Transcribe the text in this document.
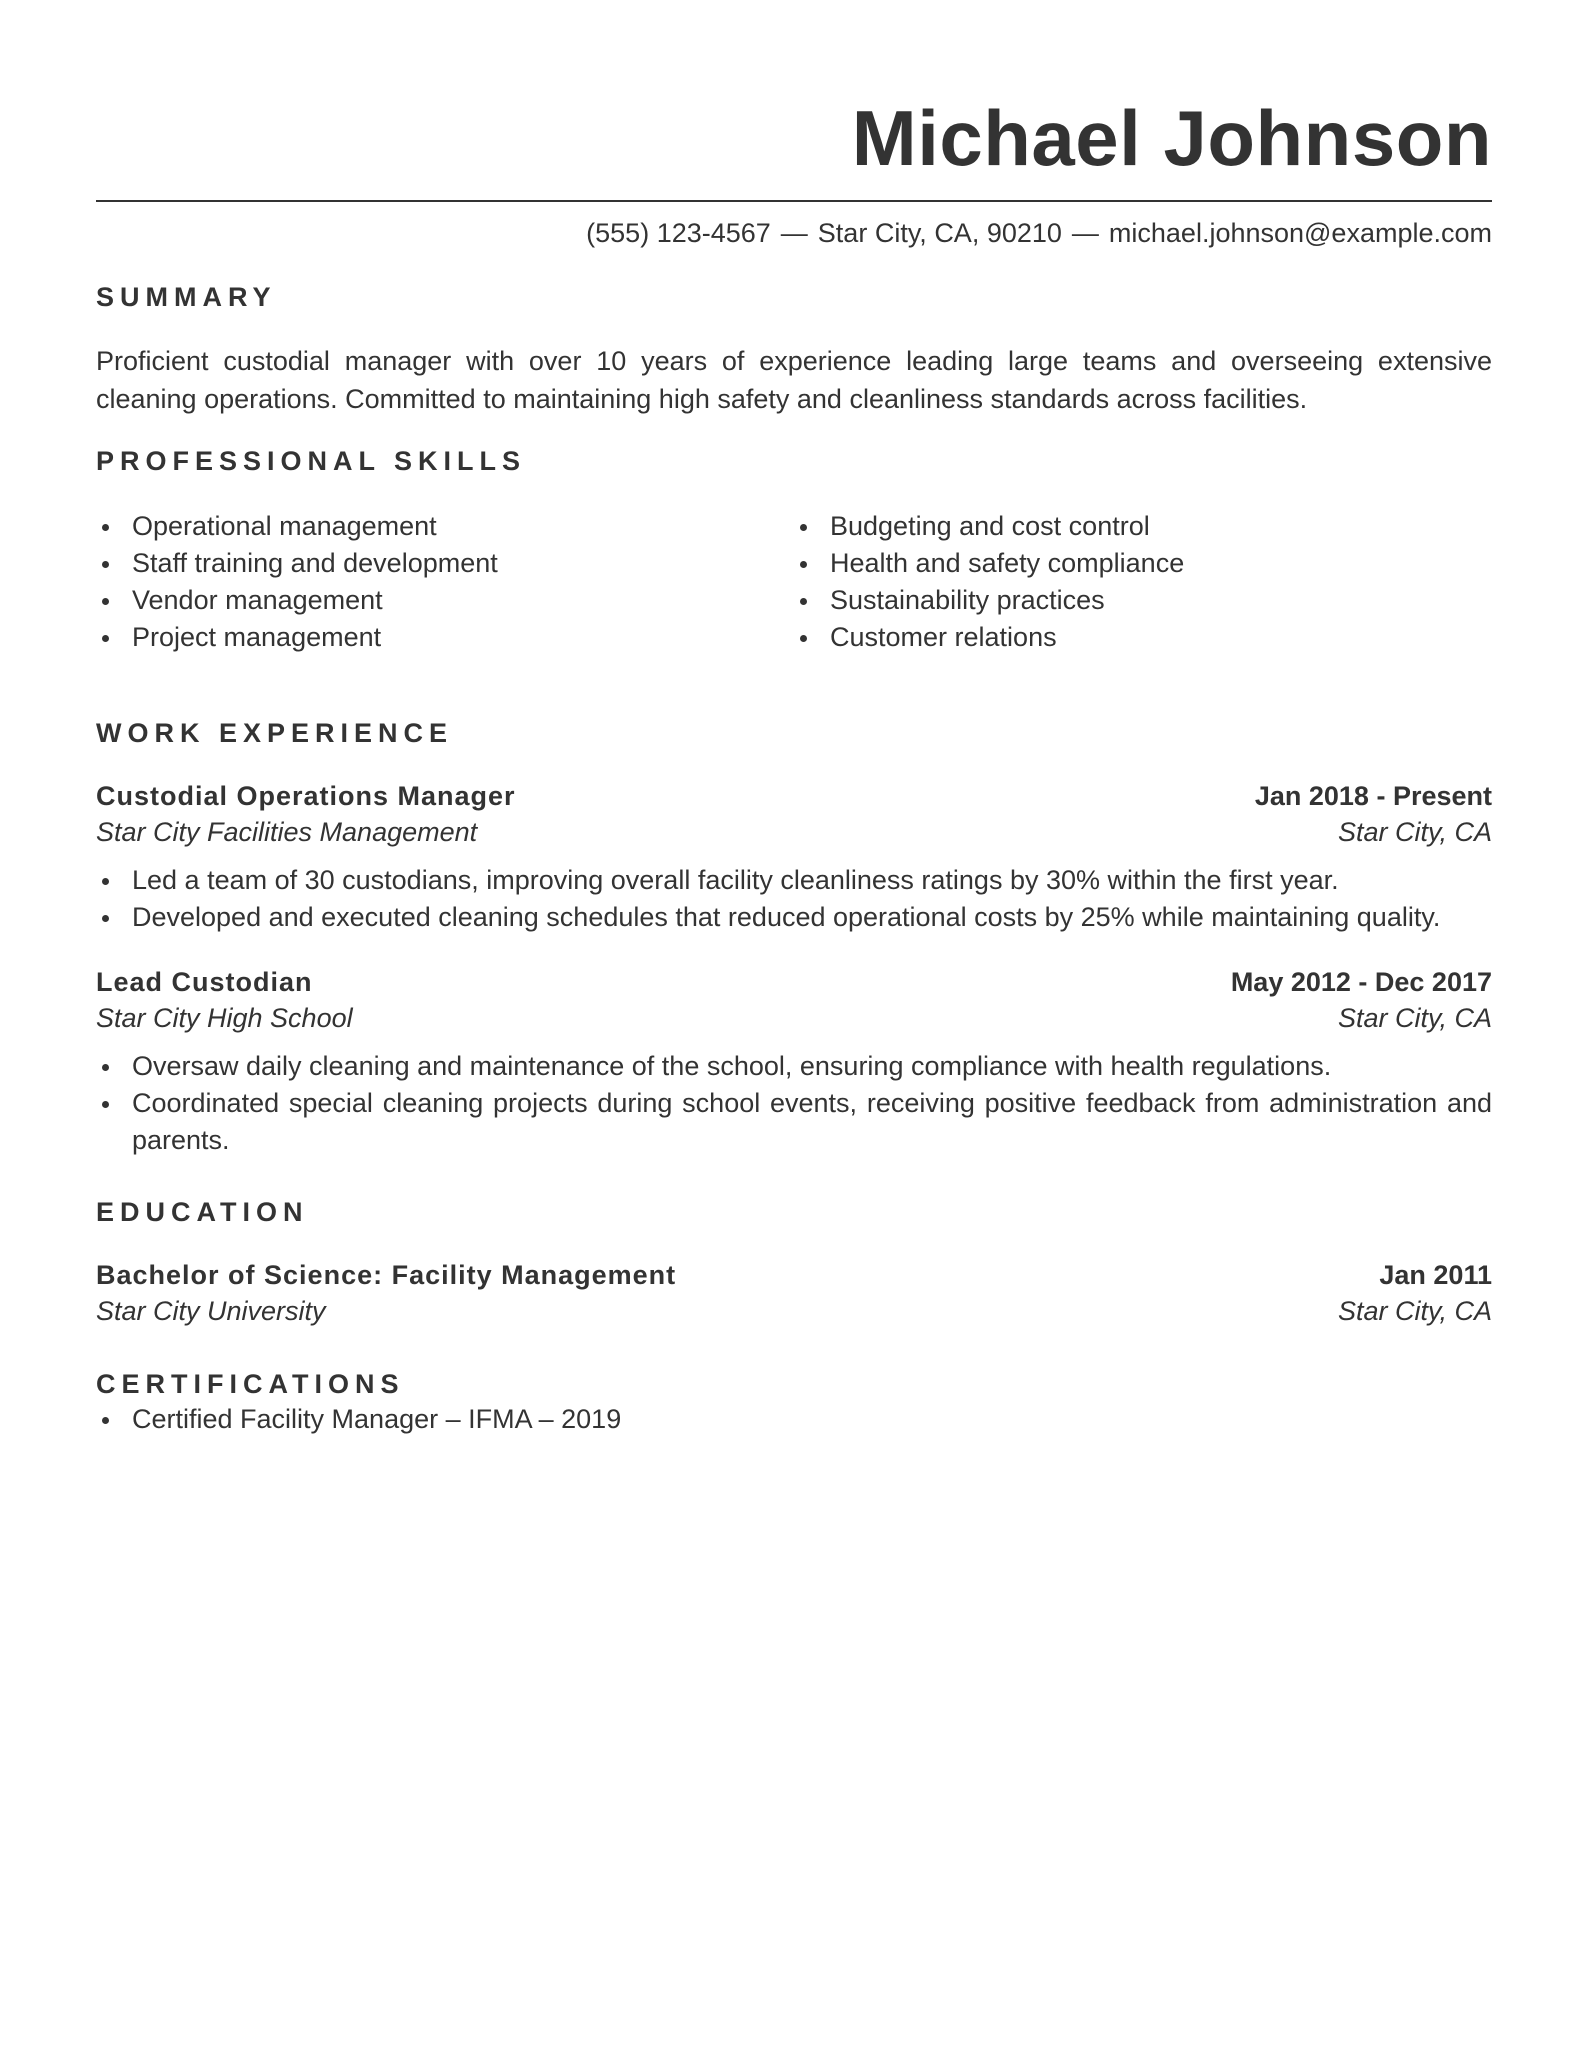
Michael Johnson
(555) 123-4567 — Star City, CA, 90210 — michael.johnson@example.com
SUMMARY
Proficient custodial manager with over 10 years of experience leading large teams and overseeing extensive cleaning operations. Committed to maintaining high safety and cleanliness standards across facilities.
PROFESSIONAL SKILLS
Operational management
Staff training and development
Vendor management
Project management
Budgeting and cost control
Health and safety compliance
Sustainability practices
Customer relations
WORK EXPERIENCE
Custodial Operations Manager	Jan 2018 - Present
Star City Facilities Management	Star City, CA
Led a team of 30 custodians, improving overall facility cleanliness ratings by 30% within the first year.
Developed and executed cleaning schedules that reduced operational costs by 25% while maintaining quality.
Lead Custodian	May 2012 - Dec 2017
Star City High School	Star City, CA
Oversaw daily cleaning and maintenance of the school, ensuring compliance with health regulations.
Coordinated special cleaning projects during school events, receiving positive feedback from administration and parents.
EDUCATION
Bachelor of Science: Facility Management	Jan 2011
Star City University	Star City, CA
CERTIFICATIONS
Certified Facility Manager – IFMA – 2019
